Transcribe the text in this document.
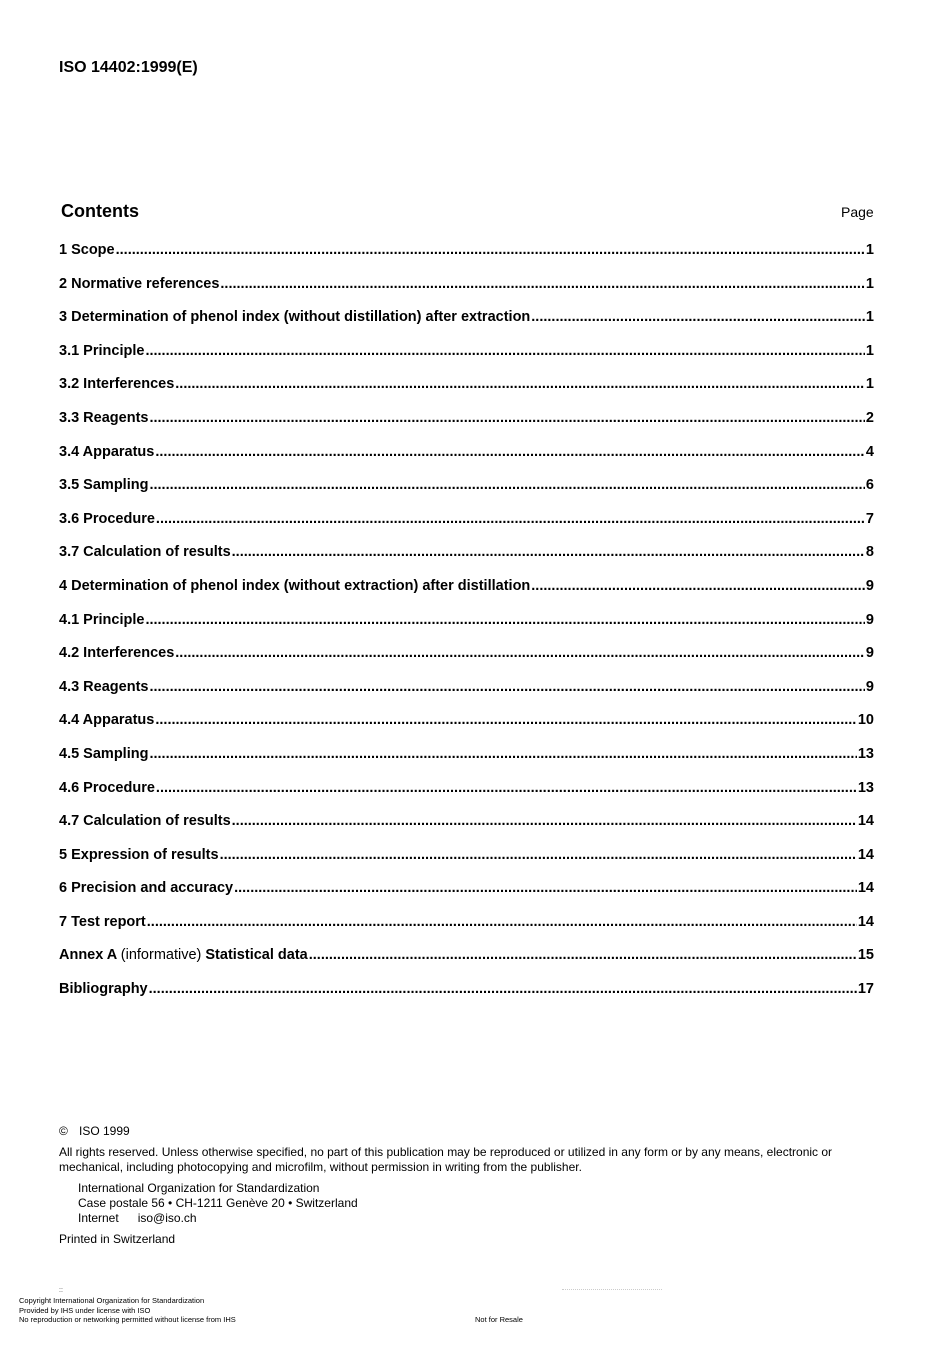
ISO 14402:1999(E)
Contents	Page
1 Scope .....	1
2 Normative references .....	1
3 Determination of phenol index (without distillation) after extraction .....	1
3.1 Principle .....	1
3.2 Interferences .....	1
3.3 Reagents .....	2
3.4 Apparatus .....	4
3.5 Sampling .....	6
3.6 Procedure .....	7
3.7 Calculation of results .....	8
4 Determination of phenol index (without extraction) after distillation .....	9
4.1 Principle .....	9
4.2 Interferences .....	9
4.3 Reagents .....	9
4.4 Apparatus .....	10
4.5 Sampling .....	13
4.6 Procedure .....	13
4.7 Calculation of results .....	14
5 Expression of results .....	14
6 Precision and accuracy .....	14
7 Test report .....	14
Annex A (informative) Statistical data .....	15
Bibliography .....	17
© ISO 1999
All rights reserved. Unless otherwise specified, no part of this publication may be reproduced or utilized in any form or by any means, electronic or mechanical, including photocopying and microfilm, without permission in writing from the publisher.
International Organization for Standardization
Case postale 56 • CH-1211 Genève 20 • Switzerland
Internet iso@iso.ch
Printed in Switzerland
::
Copyright International Organization for Standardization
Provided by IHS under license with ISO
No reproduction or networking permitted without license from IHS	Not for Resale
